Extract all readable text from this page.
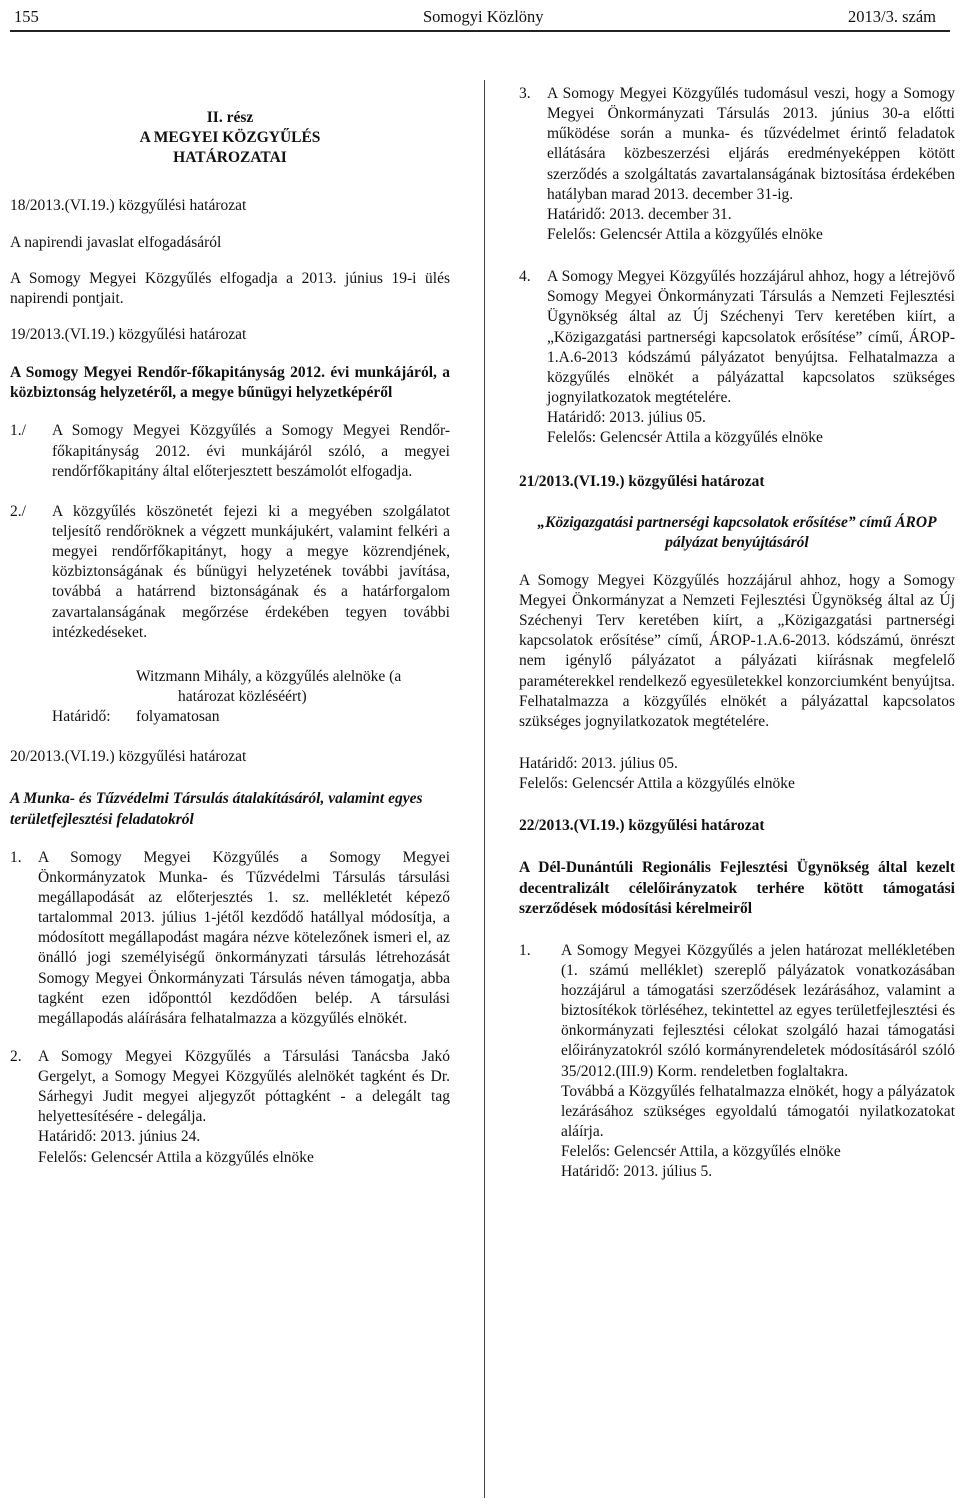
155	Somogyi Közlöny	2013/3. szám

II. rész

A MEGYEI KÖZGYŰLÉS

HATÁROZATAI

18/2013.(VI.19.) közgyűlési határozat

A napirendi javaslat elfogadásáról

A Somogy Megyei Közgyűlés elfogadja a 2013. június 19-i ülés napirendi pontjait.

19/2013.(VI.19.) közgyűlési határozat

A Somogy Megyei Rendőr-főkapitányság 2012. évi munkájáról, a közbiztonság helyzetéről, a megye bűnügyi helyzetképéről

1./ A Somogy Megyei Közgyűlés a Somogy Megyei Rendőr-főkapitányság 2012. évi munkájáról szóló, a megyei rendőrfőkapitány által előterjesztett beszámolót elfogadja.
2./ A közgyűlés köszönetét fejezi ki a megyében szolgálatot teljesítő rendőröknek a végzett munkájukért, valamint felkéri a megyei rendőrfőkapitányt, hogy a megye közrendjének, közbiztonságának és bűnügyi helyzetének további javítása, továbbá a határrend biztonságának és a határforgalom zavartalanságának megőrzése érdekében tegyen további intézkedéseket.

Witzmann Mihály, a közgyűlés alelnöke (a határozat közléséért)

Határidő: folyamatosan

20/2013.(VI.19.) közgyűlési határozat

A Munka- és Tűzvédelmi Társulás átalakításáról, valamint egyes területfejlesztési feladatokról

1. A Somogy Megyei Közgyűlés a Somogy Megyei Önkormányzatok Munka- és Tűzvédelmi Társulás társulási megállapodását az előterjesztés 1. sz. mellékletét képező tartalommal 2013. július 1-jétől kezdődő hatállyal módosítja, a módosított megállapodást magára nézve kötelezőnek ismeri el, az önálló jogi személyiségű önkormányzati társulás létrehozását Somogy Megyei Önkormányzati Társulás néven támogatja, abba tagként ezen időponttól kezdődően belép. A társulási megállapodás aláírására felhatalmazza a közgyűlés elnökét.
2. A Somogy Megyei Közgyűlés a Társulási Tanácsba Jakó Gergelyt, a Somogy Megyei Közgyűlés alelnökét tagként és Dr. Sárhegyi Judit megyei aljegyzőt póttagként - a delegált tag helyettesítésére - delegálja.

Határidő: 2013. június 24.

Felelős: Gelencsér Attila a közgyűlés elnöke

3. A Somogy Megyei Közgyűlés tudomásul veszi, hogy a Somogy Megyei Önkormányzati Társulás 2013. június 30-a előtti működése során a munka- és tűzvédelmet érintő feladatok ellátására közbeszerzési eljárás eredményeképpen kötött szerződés a szolgáltatás zavartalanságának biztosítása érdekében hatályban marad 2013. december 31-ig.

Határidő: 2013. december 31.

Felelős: Gelencsér Attila a közgyűlés elnöke

4. A Somogy Megyei Közgyűlés hozzájárul ahhoz, hogy a létrejövő Somogy Megyei Önkormányzati Társulás a Nemzeti Fejlesztési Ügynökség által az Új Széchenyi Terv keretében kiírt, a „Közigazgatási partnerségi kapcsolatok erősítése” című, ÁROP-1.A.6-2013 kódszámú pályázatot benyújtsa. Felhatalmazza a közgyűlés elnökét a pályázattal kapcsolatos szükséges jognyilatkozatok megtételére.

Határidő: 2013. július 05.

Felelős: Gelencsér Attila a közgyűlés elnöke

21/2013.(VI.19.) közgyűlési határozat

„Közigazgatási partnerségi kapcsolatok erősítése” című ÁROP pályázat benyújtásáról

A Somogy Megyei Közgyűlés hozzájárul ahhoz, hogy a Somogy Megyei Önkormányzat a Nemzeti Fejlesztési Ügynökség által az Új Széchenyi Terv keretében kiírt, a „Közigazgatási partnerségi kapcsolatok erősítése” című, ÁROP-1.A.6-2013. kódszámú, önrészt nem igénylő pályázatot a pályázati kiírásnak megfelelő paraméterekkel rendelkező egyesületekkel konzorciumként benyújtsa. Felhatalmazza a közgyűlés elnökét a pályázattal kapcsolatos szükséges jognyilatkozatok megtételére.

Határidő: 2013. július 05.

Felelős: Gelencsér Attila a közgyűlés elnöke

22/2013.(VI.19.) közgyűlési határozat

A Dél-Dunántúli Regionális Fejlesztési Ügynökség által kezelt decentralizált célelőirányzatok terhére kötött támogatási szerződések módosítási kérelmeiről

1. A Somogy Megyei Közgyűlés a jelen határozat mellékletében (1. számú melléklet) szereplő pályázatok vonatkozásában hozzájárul a támogatási szerződések lezárásához, valamint a biztosítékok törléséhez, tekintettel az egyes területfejlesztési és önkormányzati fejlesztési célokat szolgáló hazai támogatási előirányzatokról szóló kormányrendeletek módosításáról szóló 35/2012.(III.9) Korm. rendeletben foglaltakra.

Továbbá a Közgyűlés felhatalmazza elnökét, hogy a pályázatok lezárásához szükséges egyoldalú támogatói nyilatkozatokat aláírja.

Felelős: Gelencsér Attila, a közgyűlés elnöke

Határidő: 2013. július 5.
